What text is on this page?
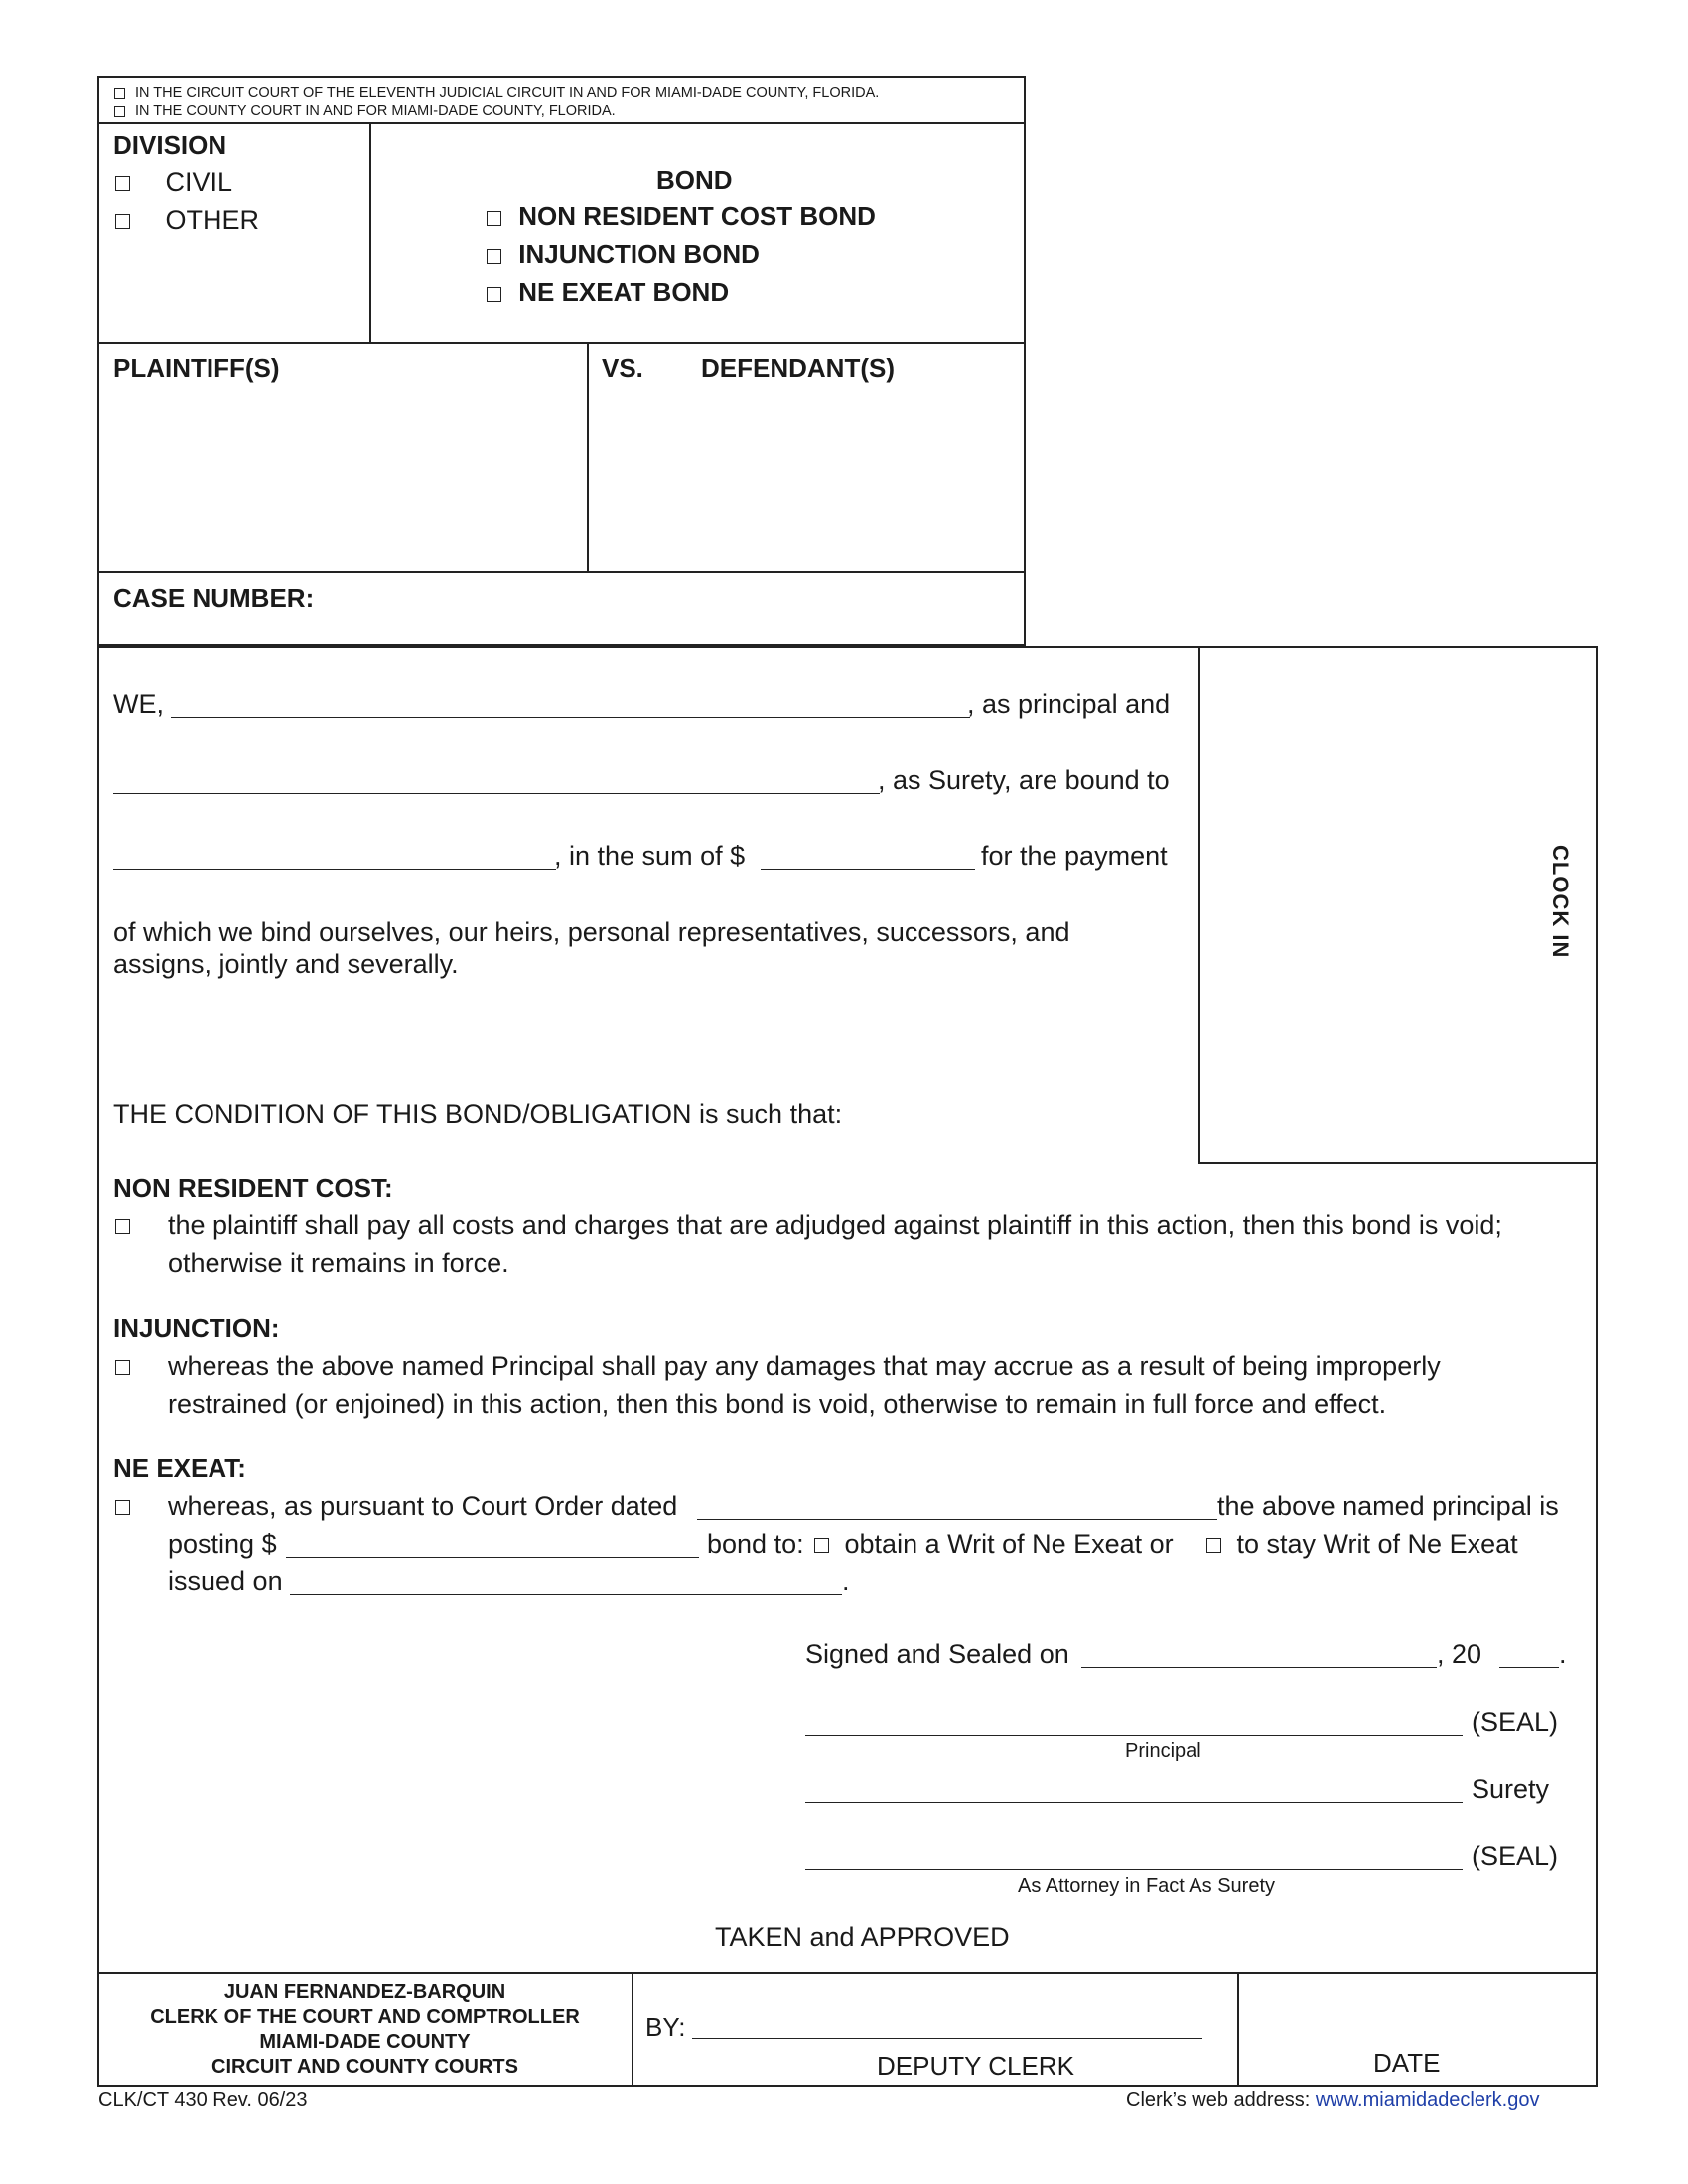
IN THE CIRCUIT COURT OF THE ELEVENTH JUDICIAL CIRCUIT IN AND FOR MIAMI-DADE COUNTY, FLORIDA.
IN THE COUNTY COURT IN AND FOR MIAMI-DADE COUNTY, FLORIDA.
DIVISION
CIVIL
OTHER
BOND
NON RESIDENT COST BOND
INJUNCTION BOND
NE EXEAT BOND
PLAINTIFF(S)	VS. DEFENDANT(S)
CASE NUMBER:
CLOCK IN
WE,	, as principal and
, as Surety, are bound to
, in the sum of $	for the payment
of which we bind ourselves, our heirs, personal representatives, successors, and
assigns, jointly and severally.
THE CONDITION OF THIS BOND/OBLIGATION is such that:
NON RESIDENT COST:
the plaintiff shall pay all costs and charges that are adjudged against plaintiff in this action, then this bond is void;
otherwise it remains in force.
INJUNCTION:
whereas the above named Principal shall pay any damages that may accrue as a result of being improperly
restrained (or enjoined) in this action, then this bond is void, otherwise to remain in full force and effect.
NE EXEAT:
whereas, as pursuant to Court Order dated	the above named principal is
posting $	bond to:	obtain a Writ of Ne Exeat or	to stay Writ of Ne Exeat
issued on	.
Signed and Sealed on	, 20	.
(SEAL)
Principal
Surety
(SEAL)
As Attorney in Fact As Surety
TAKEN and APPROVED
JUAN FERNANDEZ-BARQUIN
CLERK OF THE COURT AND COMPTROLLER
MIAMI-DADE COUNTY
CIRCUIT AND COUNTY COURTS
BY:
DEPUTY CLERK	DATE
CLK/CT 430 Rev. 06/23	Clerk’s web address: www.miamidadeclerk.gov
